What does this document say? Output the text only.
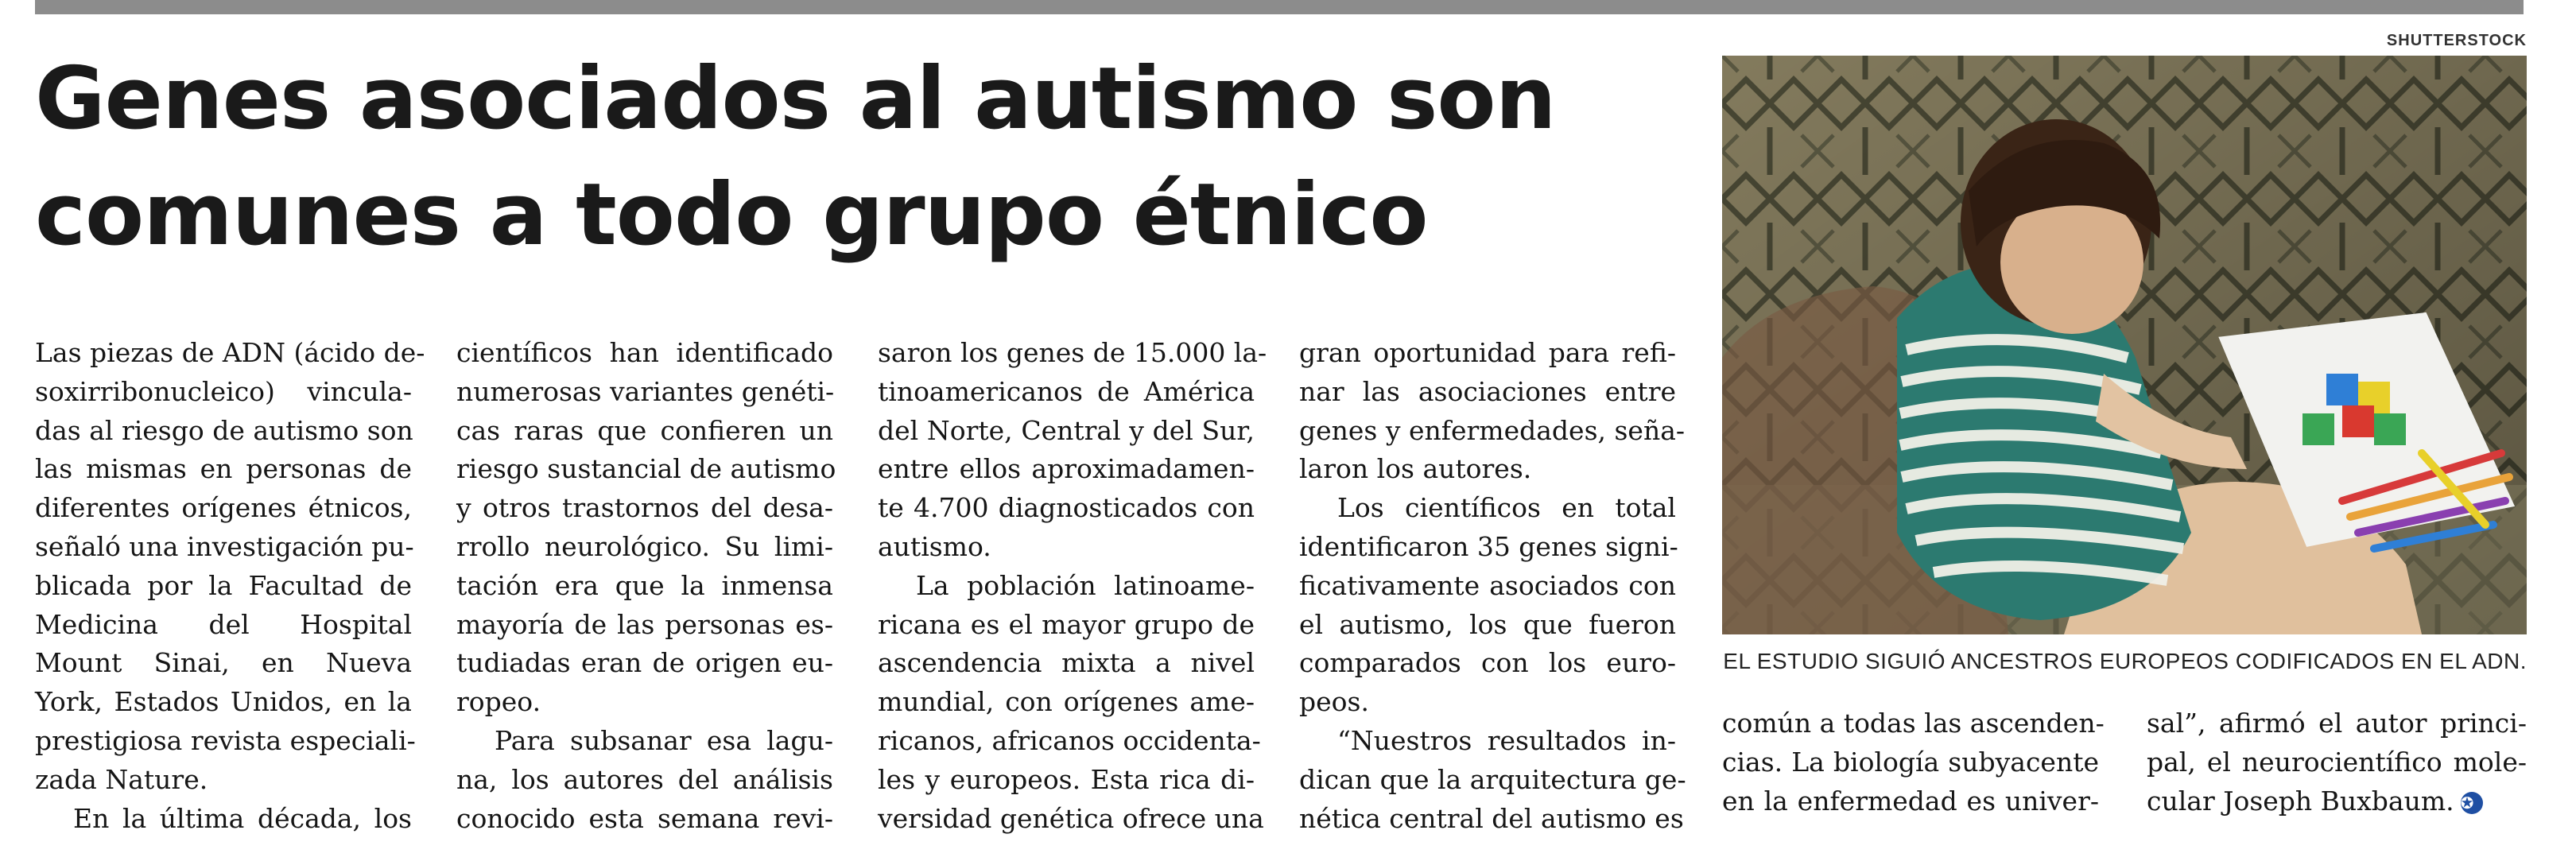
Genes asociados al autismo son
comunes a todo grupo étnico
SHUTTERSTOCK
EL ESTUDIO SIGUIÓ ANCESTROS EUROPEOS CODIFICADOS EN EL ADN.
Las piezas de ADN (ácido de-
soxirribonucleico) vincula-
das al riesgo de autismo son
las mismas en personas de
diferentes orígenes étnicos,
señaló una investigación pu-
blicada por la Facultad de
Medicina del Hospital
Mount Sinai, en Nueva
York, Estados Unidos, en la
prestigiosa revista especiali-
zada Nature.
En la última década, los
científicos han identificado
numerosas variantes genéti-
cas raras que confieren un
riesgo sustancial de autismo
y otros trastornos del desa-
rrollo neurológico. Su limi-
tación era que la inmensa
mayoría de las personas es-
tudiadas eran de origen eu-
ropeo.
Para subsanar esa lagu-
na, los autores del análisis
conocido esta semana revi-
saron los genes de 15.000 la-
tinoamericanos de América
del Norte, Central y del Sur,
entre ellos aproximadamen-
te 4.700 diagnosticados con
autismo.
La población latinoame-
ricana es el mayor grupo de
ascendencia mixta a nivel
mundial, con orígenes ame-
ricanos, africanos occidenta-
les y europeos. Esta rica di-
versidad genética ofrece una
gran oportunidad para refi-
nar las asociaciones entre
genes y enfermedades, seña-
laron los autores.
Los científicos en total
identificaron 35 genes signi-
ficativamente asociados con
el autismo, los que fueron
comparados con los euro-
peos.
“Nuestros resultados in-
dican que la arquitectura ge-
nética central del autismo es
común a todas las ascenden-
cias. La biología subyacente
en la enfermedad es univer-
sal”, afirmó el autor princi-
pal, el neurocientífico mole-
cular Joseph Buxbaum. ✪
